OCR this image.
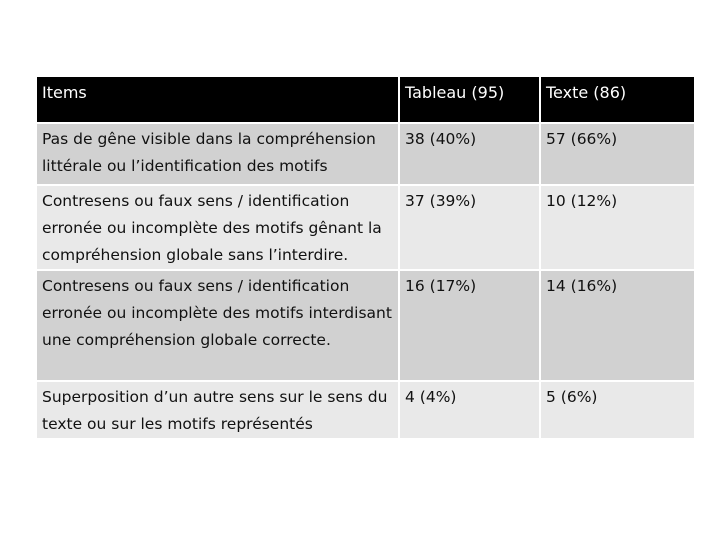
Items	Tableau (95)	Texte (86)
Pas de gêne visible dans la compréhension littérale ou l’identification des motifs	38 (40%)	57 (66%)
Contresens ou faux sens / identification erronée ou incomplète des motifs gênant la compréhension globale sans l’interdire.	37 (39%)	10 (12%)
Contresens ou faux sens / identification erronée ou incomplète des motifs interdisant une compréhension globale correcte.	16 (17%)	14 (16%)
Superposition d’un autre sens sur le sens du texte ou sur les motifs représentés	4 (4%)	5 (6%)
